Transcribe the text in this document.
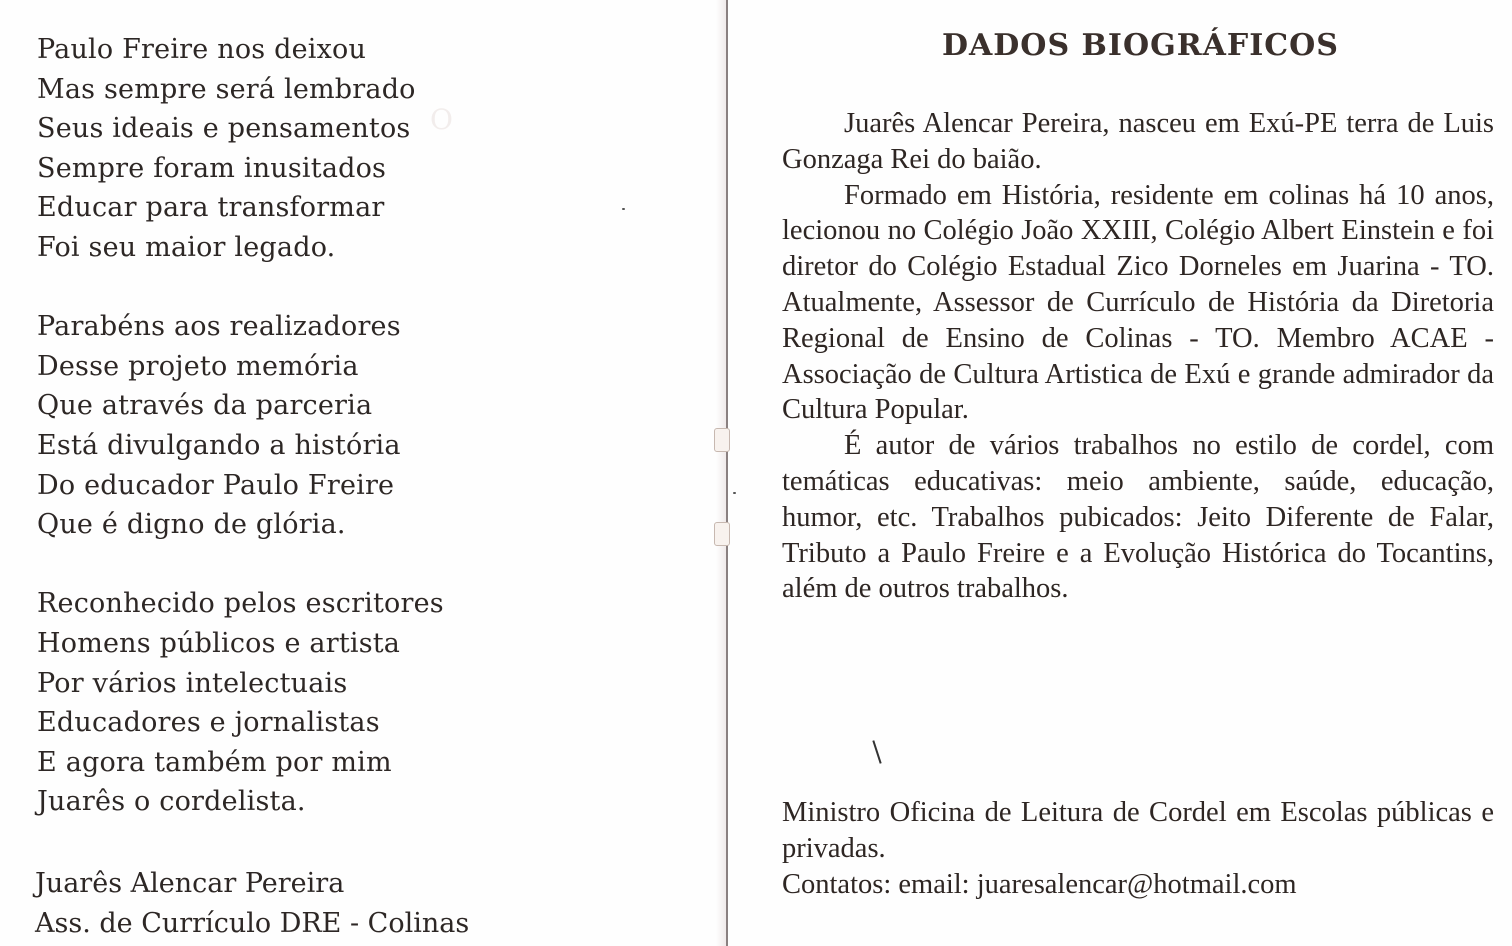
O
Paulo Freire nos deixou
Mas sempre será lembrado
Seus ideais e pensamentos
Sempre foram inusitados
Educar para transformar
Foi seu maior legado.
Parabéns aos realizadores
Desse projeto memória
Que através da parceria
Está divulgando a história
Do educador Paulo Freire
Que é digno de glória.
Reconhecido pelos escritores
Homens públicos e artista
Por vários intelectuais
Educadores e jornalistas
E agora também por mim
Juarês o cordelista.
Juarês Alencar Pereira
Ass. de Currículo DRE - Colinas
DADOS BIOGRÁFICOS

Juarês Alencar Pereira, nasceu em Exú-PE terra de Luis Gonzaga Rei do baião.

Formado em História, residente em colinas há 10 anos, lecionou no Colégio João XXIII, Colégio Albert Einstein e foi diretor do Colégio Estadual Zico Dorneles em Juarina - TO. Atualmente, Assessor de Currículo de História da Diretoria Regional de Ensino de Colinas - TO. Membro ACAE - Associação de Cultura Artistica de Exú e grande admirador da Cultura Popular.

É autor de vários trabalhos no estilo de cordel, com temáticas educativas: meio ambiente, saúde, educação, humor, etc. Trabalhos pubicados: Jeito Diferente de Falar, Tributo a Paulo Freire e a Evolução Histórica do Tocantins, além de outros trabalhos.

Ministro Oficina de Leitura de Cordel em Escolas públicas e privadas.

Contatos: email: juaresalencar@hotmail.com
